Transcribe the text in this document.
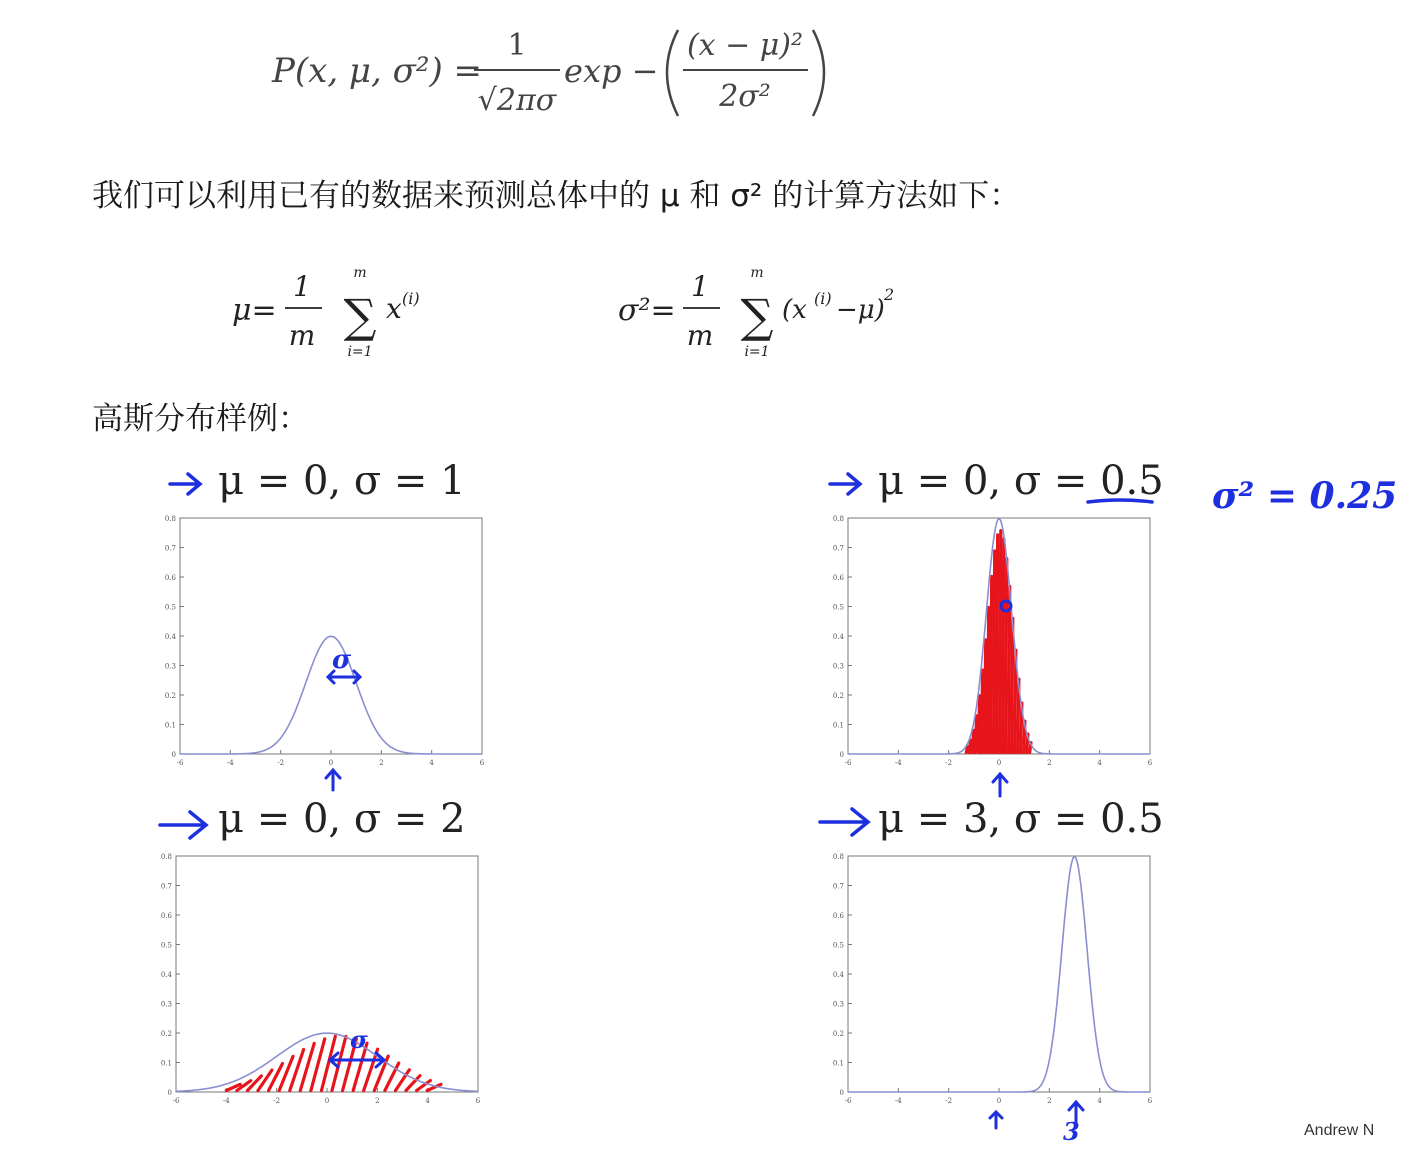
P(x, μ, σ²) =
1
√2πσ
exp −
(x − μ)²
2σ²
我们可以利用已有的数据来预测总体中的 μ 和 σ² 的计算方法如下：
μ=
1
m
m
∑
i=1
x (i)	σ²=
1
m
m
∑
i=1
(x (i) −μ)
2
高斯分布样例：
μ = 0, σ = 1	μ = 0, σ = 0.5
μ = 0, σ = 2	μ = 3, σ = 0.5
σ² = 0.25
0
0.1
0.2
0.3
0.4
0.5
0.6
0.7
0.8
-6	-4	-2	0	2	4	6
0
0.1
0.2
0.3
0.4
0.5
0.6
0.7
0.8
-6	-4	-2	0	2	4	6
0
0.1
0.2
0.3
0.4
0.5
0.6
0.7
0.8
-6	-4	-2	0	2	4	6
0
0.1
0.2
0.3
0.4
0.5
0.6
0.7
0.8
-6	-4	-2	0	2	4	6
σ
σ
3	Andrew N
